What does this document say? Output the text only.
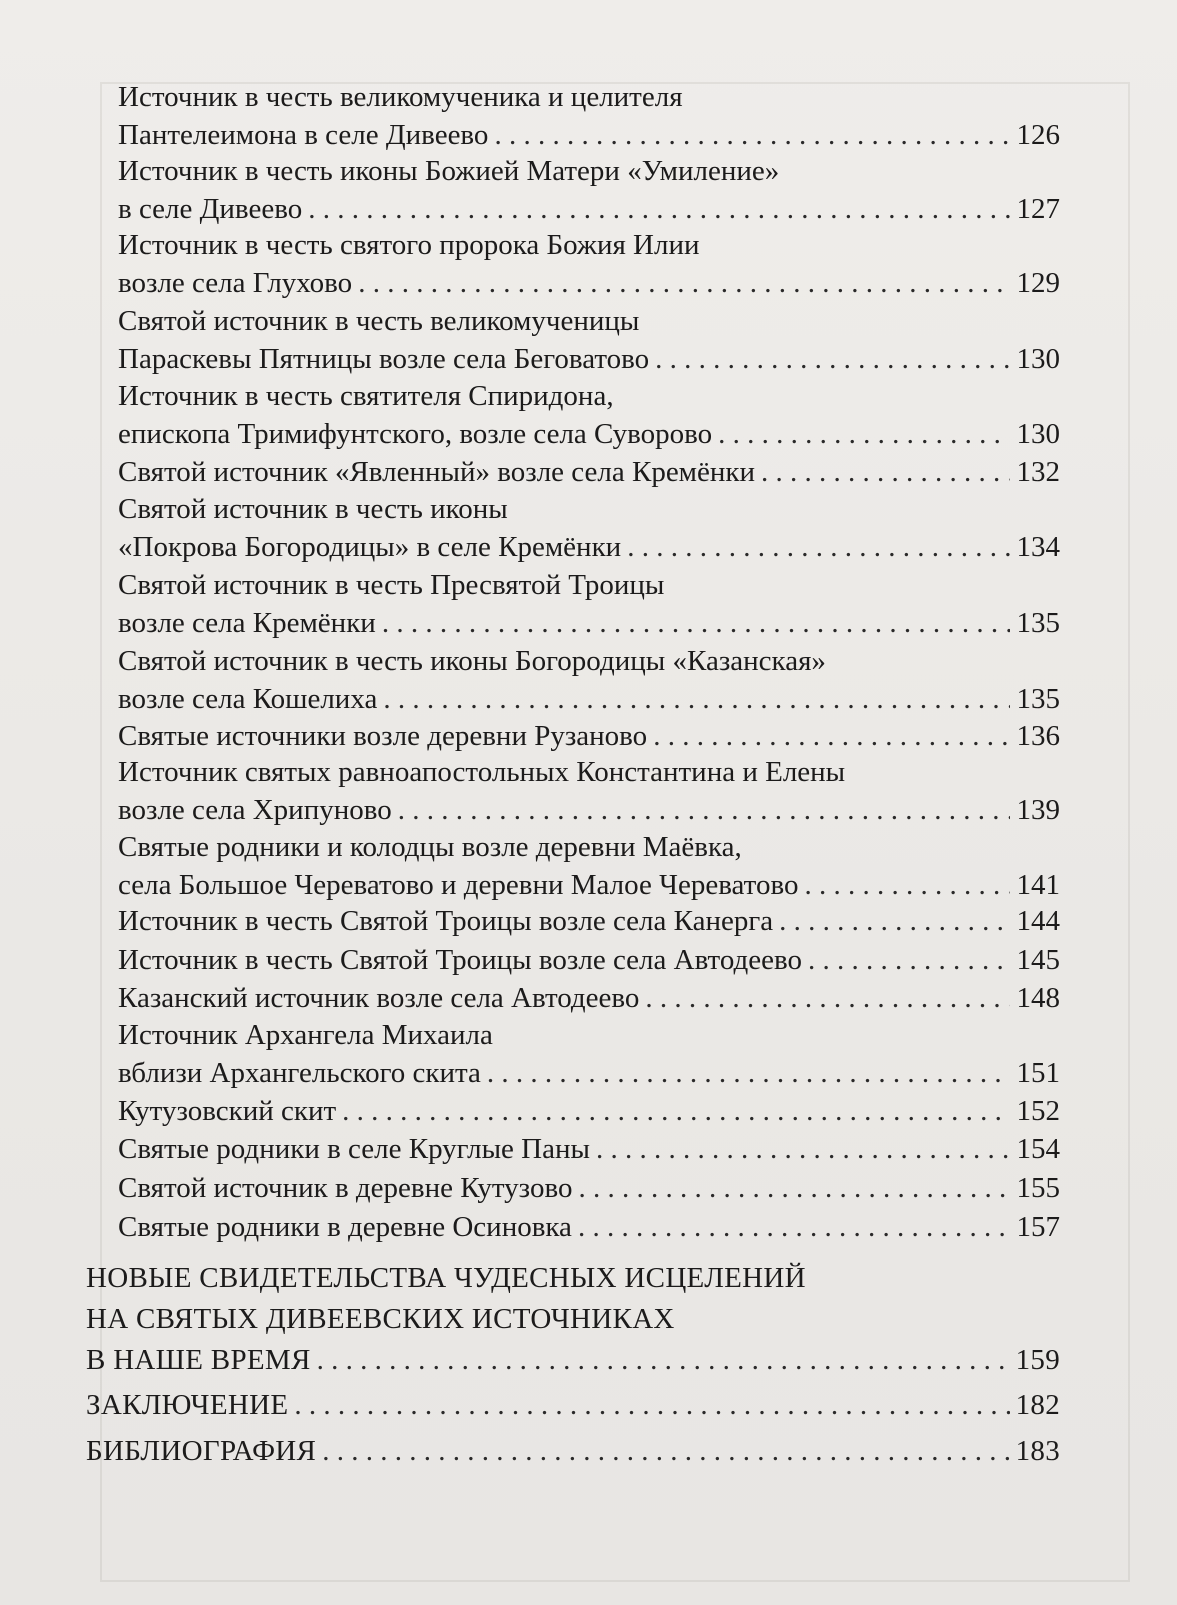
Источник в честь великомученика и целителя
Пантелеимона в селе Дивеево . . .	126
Источник в честь иконы Божией Матери «Умиление»
в селе Дивеево . . .	127
Источник в честь святого пророка Божия Илии
возле села Глухово . . .	129
Святой источник в честь великомученицы
Параскевы Пятницы возле села Беговатово . . .	130
Источник в честь святителя Спиридона,
епископа Тримифунтского, возле села Суворово . . .	130
Святой источник «Явленный» возле села Кремёнки . . .	132
Святой источник в честь иконы
«Покрова Богородицы» в селе Кремёнки . . .	134
Святой источник в честь Пресвятой Троицы
возле села Кремёнки . . .	135
Святой источник в честь иконы Богородицы «Казанская»
возле села Кошелиха . . .	135
Святые источники возле деревни Рузаново . . .	136
Источник святых равноапостольных Константина и Елены
возле села Хрипуново . . .	139
Святые родники и колодцы возле деревни Маёвка,
села Большое Череватово и деревни Малое Череватово . . .	141
Источник в честь Святой Троицы возле села Канерга . . .	144
Источник в честь Святой Троицы возле села Автодеево . . .	145
Казанский источник возле села Автодеево . . .	148
Источник Архангела Михаила
вблизи Архангельского скита . . .	151
Кутузовский скит . . .	152
Святые родники в селе Круглые Паны . . .	154
Святой источник в деревне Кутузово . . .	155
Святые родники в деревне Осиновка . . .	157
НОВЫЕ СВИДЕТЕЛЬСТВА ЧУДЕСНЫХ ИСЦЕЛЕНИЙ
НА СВЯТЫХ ДИВЕЕВСКИХ ИСТОЧНИКАХ
В НАШЕ ВРЕМЯ . . .	159
ЗАКЛЮЧЕНИЕ . . .	182
БИБЛИОГРАФИЯ . . .	183
